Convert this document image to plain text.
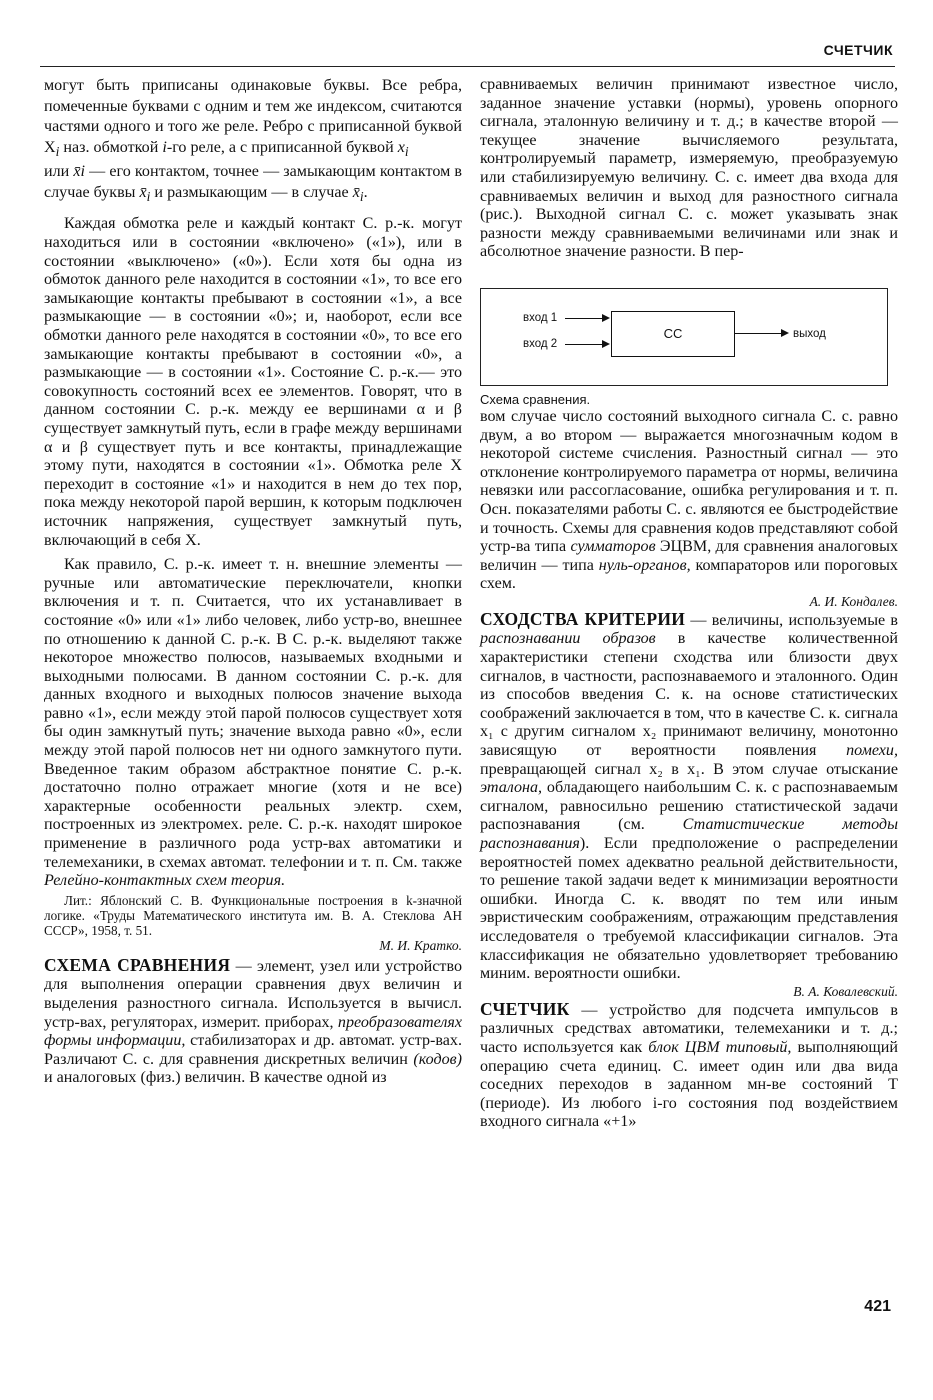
СЧЕТЧИК

могут быть приписаны одинаковые буквы. Все ребра, помеченные буквами с одним и тем же индексом, считаются частями одного и того же реле. Ребро с приписанной буквой $X_i$ наз. обмоткой i-го реле, а с приписанной буквой $x_i$
или x̄i — его контактом, точнее — замыкающим контактом в случае буквы $x̄_i$ и размыкающим — в случае $x̄_i$.

Каждая обмотка реле и каждый контакт С. р.-к. могут находиться или в состоянии «включено» («1»), или в состоянии «выключено» («0»). Если хотя бы одна из обмоток данного реле находится в состоянии «1», то все его замыкающие контакты пребывают в состоянии «1», а все размыкающие — в состоянии «0»; и, наоборот, если все обмотки данного реле находятся в состоянии «0», то все его замыкающие контакты пребывают в состоянии «0», а размыкающие — в состоянии «1». Состояние С. р.-к.— это совокупность состояний всех ее элементов. Говорят, что в данном состоянии С. р.-к. между ее вершинами α и β существует замкнутый путь, если в графе между вершинами α и β существует путь и все контакты, принадлежащие этому пути, находятся в состоянии «1». Обмотка реле X переходит в состояние «1» и находится в нем до тех пор, пока между некоторой парой вершин, к которым подключен источник напряжения, существует замкнутый путь, включающий в себя X.

Как правило, С. р.-к. имеет т. н. внешние элементы — ручные или автоматические переключатели, кнопки включения и т. п. Считается, что их устанавливает в состояние «0» или «1» либо человек, либо устр-во, внешнее по отношению к данной С. р.-к. В С. р.-к. выделяют также некоторое множество полюсов, называемых входными и выходными полюсами. В данном состоянии С. р.-к. для данных входного и выходных полюсов значение выхода равно «1», если между этой парой полюсов существует хотя бы один замкнутый путь; значение выхода равно «0», если между этой парой полюсов нет ни одного замкнутого пути. Введенное таким образом абстрактное понятие С. р.-к. достаточно полно отражает многие (хотя и не все) характерные особенности реальных электр. схем, построенных из электромех. реле. С. р.-к. находят широкое применение в различного рода устр-вах автоматики и телемеханики, в схемах автомат. телефонии и т. п. См. также Релейно-контактных схем теория.

Лит.: Яблонский С. В. Функциональные построения в k-значной логике. «Труды Математического института им. В. А. Стеклова АН СССР», 1958, т. 51.

М. И. Кратко.

СХЕМА СРАВНЕНИЯ — элемент, узел или устройство для выполнения операции сравнения двух величин и выделения разностного сигнала. Используется в вычисл. устр-вах, регуляторах, измерит. приборах, преобразователях формы информации, стабилизаторах и др. автомат. устр-вах. Различают С. с. для сравнения дискретных величин (кодов) и аналоговых (физ.) величин. В качестве одной из

сравниваемых величин принимают известное число, заданное значение уставки (нормы), уровень опорного сигнала, эталонную величину и т. д.; в качестве второй — текущее значение вычисляемого результата, контролируемый параметр, измеряемую, преобразуемую или стабилизируемую величину. С. с. имеет два входа для сравниваемых величин и выход для разностного сигнала (рис.). Выходной сигнал С. с. может указывать знак разности между сравниваемыми величинами или знак и абсолютное значение разности. В пер-

вход 1
вход 2
СС	выход

Схема сравнения.

вом случае число состояний выходного сигнала С. с. равно двум, а во втором — выражается многозначным кодом в некоторой системе счисления. Разностный сигнал — это отклонение контролируемого параметра от нормы, величина невязки или рассогласование, ошибка регулирования и т. п. Осн. показателями работы С. с. являются ее быстродействие и точность. Схемы для сравнения кодов представляют собой устр-ва типа сумматоров ЭЦВМ, для сравнения аналоговых величин — типа нуль-органов, компараторов или пороговых схем.

А. И. Кондалев.

СХОДСТВА КРИТЕРИИ — величины, используемые в распознавании образов в качестве количественной характеристики степени сходства или близости двух сигналов, в частности, распознаваемого и эталонного. Один из способов введения С. к. на основе статистических соображений заключается в том, что в качестве С. к. сигнала x₁ с другим сигналом x₂ принимают величину, монотонно зависящую от вероятности появления помехи, превращающей сигнал x₂ в x₁. В этом случае отыскание эталона, обладающего наибольшим С. к. с распознаваемым сигналом, равносильно решению статистической задачи распознавания (см. Статистические методы распознавания). Если предположение о распределении вероятностей помех адекватно реальной действительности, то решение такой задачи ведет к минимизации вероятности ошибки. Иногда С. к. вводят по тем или иным эвристическим соображениям, отражающим представления исследователя о требуемой классификации сигналов. Эта классификация не обязательно удовлетворяет требованию миним. вероятности ошибки.

В. А. Ковалевский.

СЧЕТЧИК — устройство для подсчета импульсов в различных средствах автоматики, телемеханики и т. д.; часто используется как блок ЦВМ типовый, выполняющий операцию счета единиц. С. имеет один или два вида соседних переходов в заданном мн-ве состояний T (периоде). Из любого i-го состояния под воздействием входного сигнала «+1»

421
